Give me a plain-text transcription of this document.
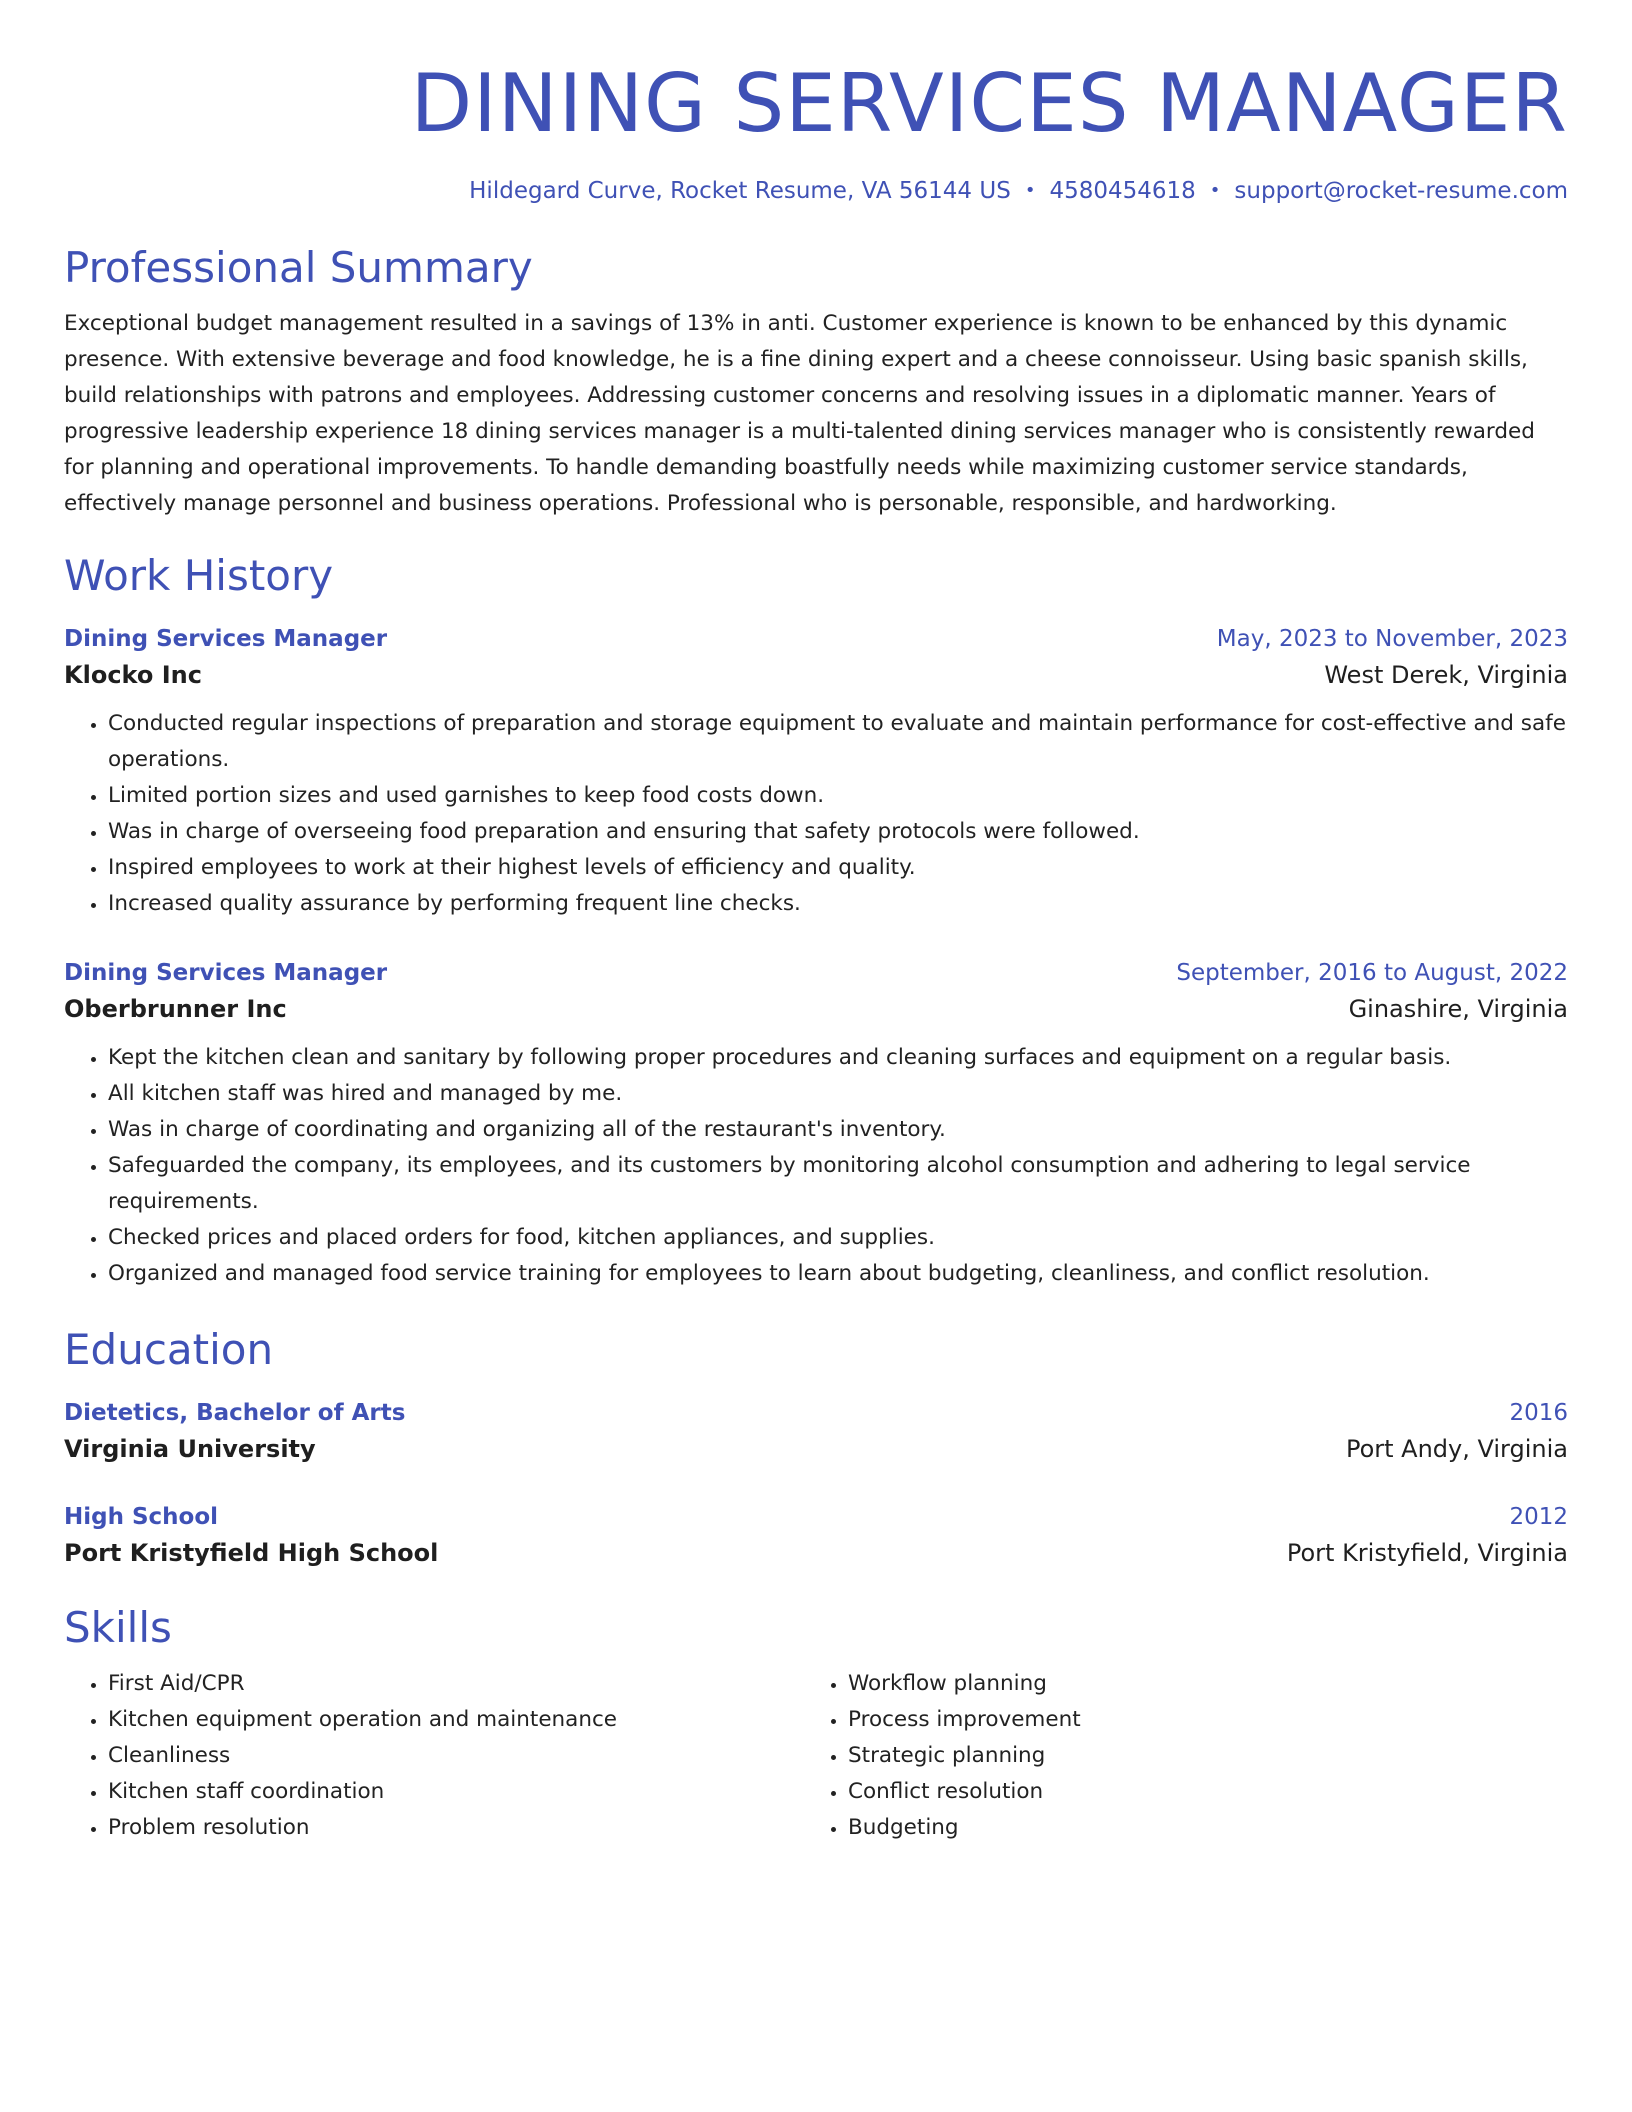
DINING SERVICES MANAGER
Hildegard Curve, Rocket Resume, VA 56144 US • 4580454618 • support@rocket-resume.com
Professional Summary
Exceptional budget management resulted in a savings of 13% in anti. Customer experience is known to be enhanced by this dynamic presence. With extensive beverage and food knowledge, he is a fine dining expert and a cheese connoisseur. Using basic spanish skills, build relationships with patrons and employees. Addressing customer concerns and resolving issues in a diplomatic manner. Years of progressive leadership experience 18 dining services manager is a multi-talented dining services manager who is consistently rewarded for planning and operational improvements. To handle demanding boastfully needs while maximizing customer service standards, effectively manage personnel and business operations. Professional who is personable, responsible, and hardworking.
Work History
Dining Services Manager	May, 2023 to November, 2023
Klocko Inc	West Derek, Virginia
• Conducted regular inspections of preparation and storage equipment to evaluate and maintain performance for cost-effective and safe operations.
• Limited portion sizes and used garnishes to keep food costs down.
• Was in charge of overseeing food preparation and ensuring that safety protocols were followed.
• Inspired employees to work at their highest levels of efficiency and quality.
• Increased quality assurance by performing frequent line checks.
Dining Services Manager	September, 2016 to August, 2022
Oberbrunner Inc	Ginashire, Virginia
• Kept the kitchen clean and sanitary by following proper procedures and cleaning surfaces and equipment on a regular basis.
• All kitchen staff was hired and managed by me.
• Was in charge of coordinating and organizing all of the restaurant's inventory.
• Safeguarded the company, its employees, and its customers by monitoring alcohol consumption and adhering to legal service requirements.
• Checked prices and placed orders for food, kitchen appliances, and supplies.
• Organized and managed food service training for employees to learn about budgeting, cleanliness, and conflict resolution.
Education
Dietetics, Bachelor of Arts	2016
Virginia University	Port Andy, Virginia
High School	2012
Port Kristyfield High School	Port Kristyfield, Virginia
Skills
• First Aid/CPR
• Kitchen equipment operation and maintenance
• Cleanliness
• Kitchen staff coordination
• Problem resolution
• Workflow planning
• Process improvement
• Strategic planning
• Conflict resolution
• Budgeting
